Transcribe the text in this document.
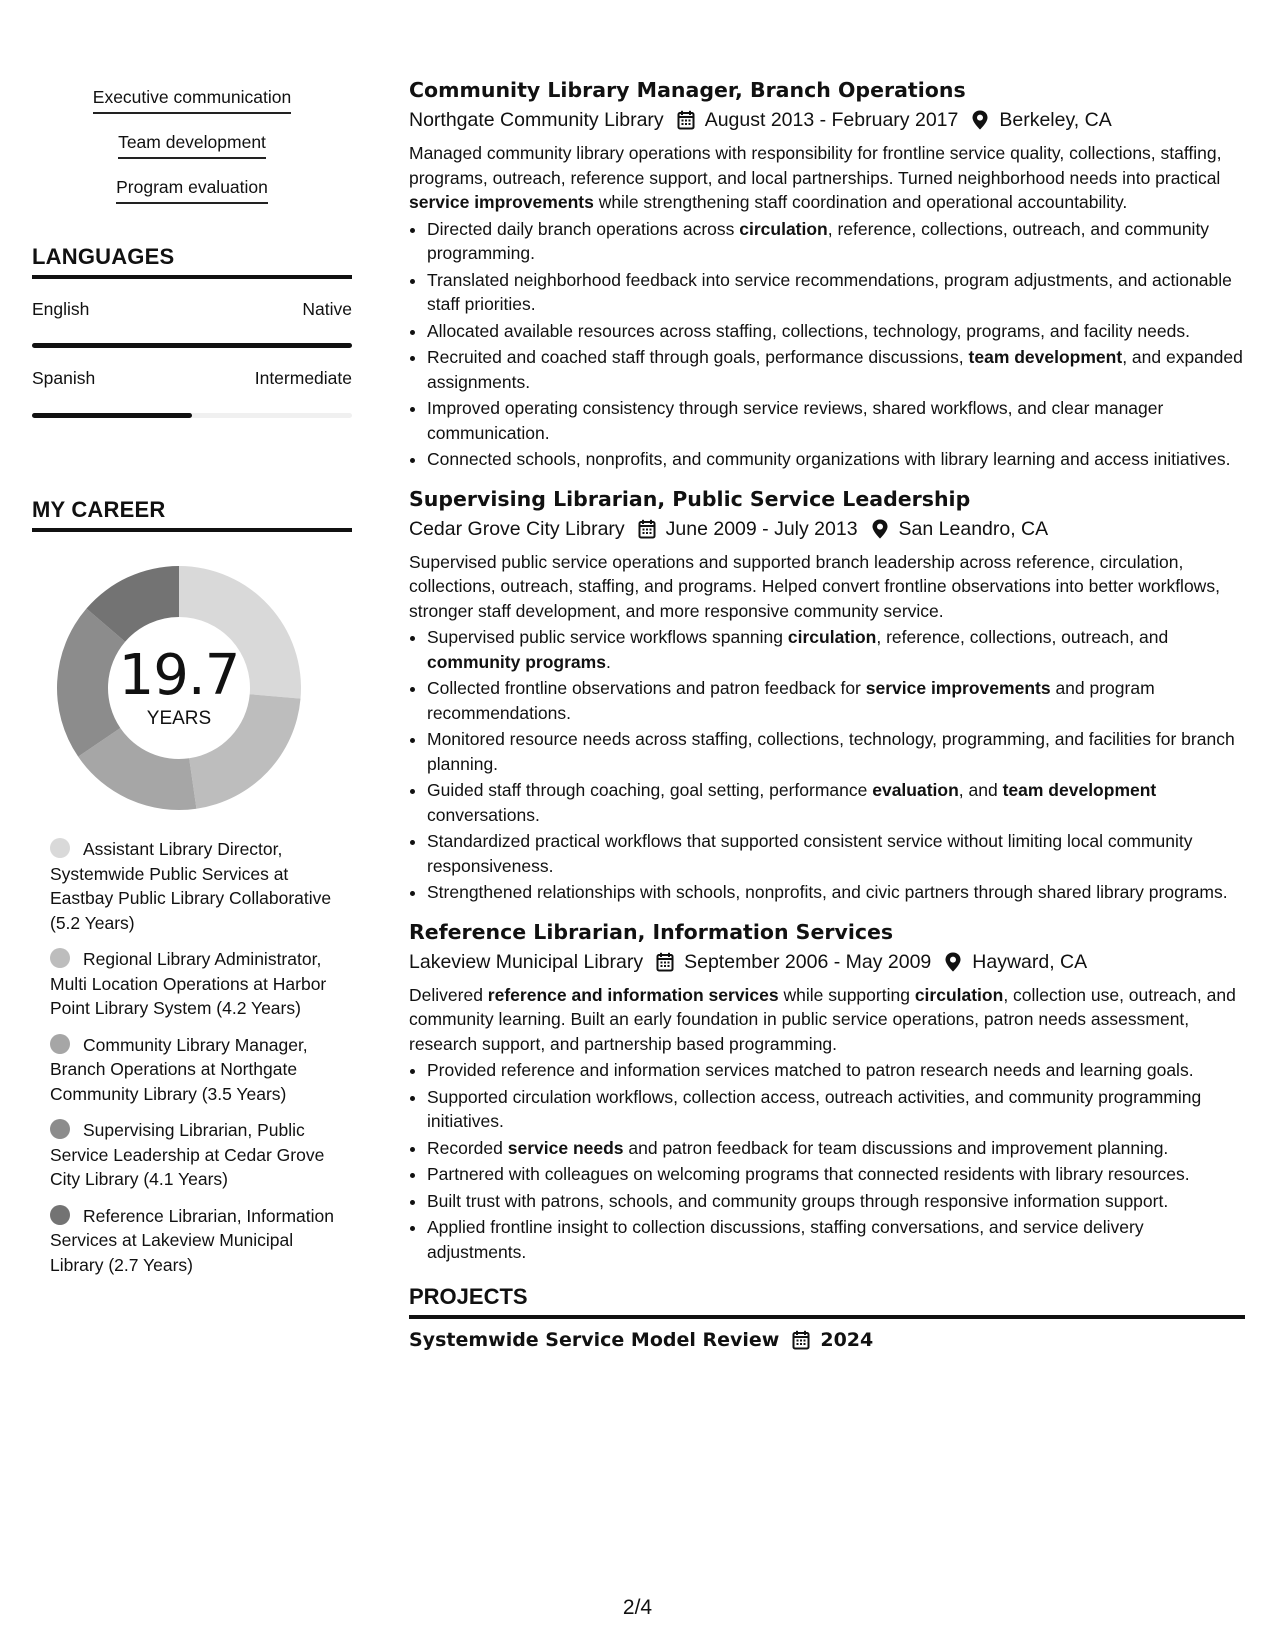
Executive communication
Team development
Program evaluation
LANGUAGES
English	Native
Spanish	Intermediate
MY CAREER
19.7
YEARS
Assistant Library Director, Systemwide Public Services at Eastbay Public Library Collaborative (5.2 Years)
Regional Library Administrator, Multi Location Operations at Harbor Point Library System (4.2 Years)
Community Library Manager, Branch Operations at Northgate Community Library (3.5 Years)
Supervising Librarian, Public Service Leadership at Cedar Grove City Library (4.1 Years)
Reference Librarian, Information Services at Lakeview Municipal Library (2.7 Years)
Community Library Manager, Branch Operations
Northgate Community Library August 2013 - February 2017 Berkeley, CA
Managed community library operations with responsibility for frontline service quality, collections, staffing, programs, outreach, reference support, and local partnerships. Turned neighborhood needs into practical service improvements while strengthening staff coordination and operational accountability.
• Directed daily branch operations across circulation, reference, collections, outreach, and community programming.
• Translated neighborhood feedback into service recommendations, program adjustments, and actionable staff priorities.
• Allocated available resources across staffing, collections, technology, programs, and facility needs.
• Recruited and coached staff through goals, performance discussions, team development, and expanded assignments.
• Improved operating consistency through service reviews, shared workflows, and clear manager communication.
• Connected schools, nonprofits, and community organizations with library learning and access initiatives.
Supervising Librarian, Public Service Leadership
Cedar Grove City Library June 2009 - July 2013 San Leandro, CA
Supervised public service operations and supported branch leadership across reference, circulation, collections, outreach, staffing, and programs. Helped convert frontline observations into better workflows, stronger staff development, and more responsive community service.
• Supervised public service workflows spanning circulation, reference, collections, outreach, and community programs.
• Collected frontline observations and patron feedback for service improvements and program recommendations.
• Monitored resource needs across staffing, collections, technology, programming, and facilities for branch planning.
• Guided staff through coaching, goal setting, performance evaluation, and team development conversations.
• Standardized practical workflows that supported consistent service without limiting local community responsiveness.
• Strengthened relationships with schools, nonprofits, and civic partners through shared library programs.
Reference Librarian, Information Services
Lakeview Municipal Library September 2006 - May 2009 Hayward, CA
Delivered reference and information services while supporting circulation, collection use, outreach, and community learning. Built an early foundation in public service operations, patron needs assessment, research support, and partnership based programming.
• Provided reference and information services matched to patron research needs and learning goals.
• Supported circulation workflows, collection access, outreach activities, and community programming initiatives.
• Recorded service needs and patron feedback for team discussions and improvement planning.
• Partnered with colleagues on welcoming programs that connected residents with library resources.
• Built trust with patrons, schools, and community groups through responsive information support.
• Applied frontline insight to collection discussions, staffing conversations, and service delivery adjustments.
PROJECTS
Systemwide Service Model Review 2024
2/4
